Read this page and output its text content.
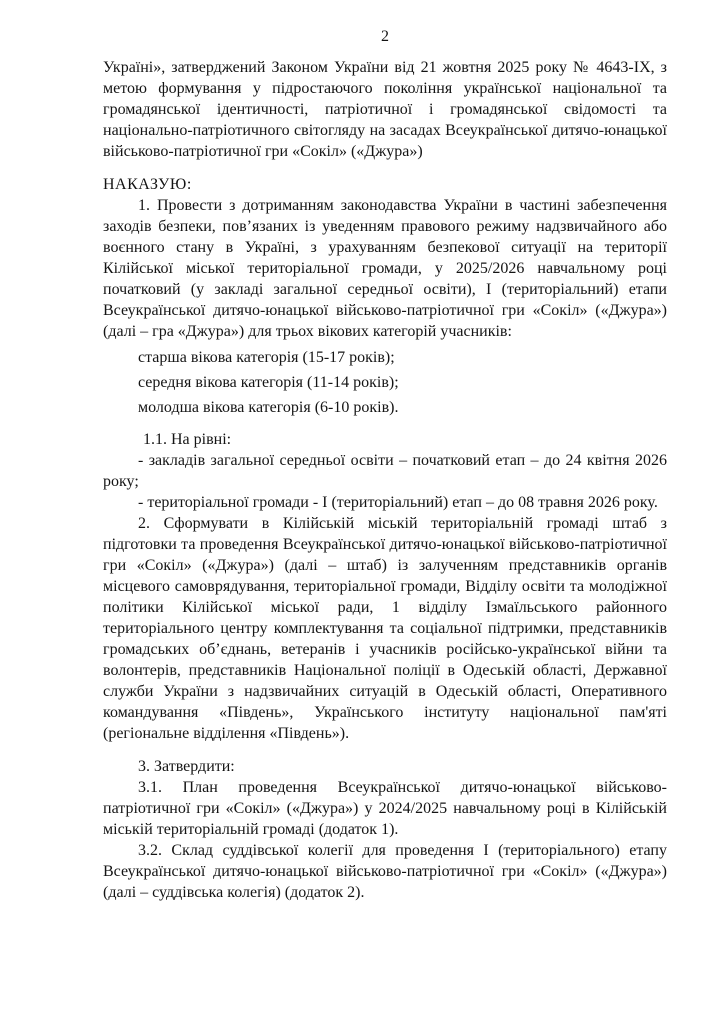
2

Україні», затверджений Законом України від 21 жовтня 2025 року № 4643-ІХ, з метою формування у підростаючого покоління української національної та громадянської ідентичності, патріотичної і громадянської свідомості та національно-патріотичного світогляду на засадах Всеукраїнської дитячо-юнацької військово-патріотичної гри «Сокіл» («Джура»)

НАКАЗУЮ:

1. Провести з дотриманням законодавства України в частині забезпечення заходів безпеки, пов’язаних із уведенням правового режиму надзвичайного або воєнного стану в Україні, з урахуванням безпекової ситуації на території Кілійської міської територіальної громади, у 2025/2026 навчальному році початковий (у закладі загальної середньої освіти), І (територіальний) етапи Всеукраїнської дитячо-юнацької військово-патріотичної гри «Сокіл» («Джура») (далі – гра «Джура») для трьох вікових категорій учасників:

старша вікова категорія (15-17 років);
середня вікова категорія (11-14 років);
молодша вікова категорія (6-10 років).

1.1. На рівні:

- закладів загальної середньої освіти – початковий етап – до 24 квітня 2026 року;

- територіальної громади - І (територіальний) етап – до 08 травня 2026 року.

2. Сформувати в Кілійській міській територіальній громаді штаб з підготовки та проведення Всеукраїнської дитячо-юнацької військово-патріотичної гри «Сокіл» («Джура») (далі – штаб) із залученням представників органів місцевого самоврядування, територіальної громади, Відділу освіти та молодіжної політики Кілійської міської ради, 1 відділу Ізмаїльського районного територіального центру комплектування та соціальної підтримки, представників громадських об’єднань, ветеранів і учасників російсько-української війни та волонтерів, представників Національної поліції в Одеській області, Державної служби України з надзвичайних ситуацій в Одеській області, Оперативного командування «Південь», Українського інституту національної пам'яті (регіональне відділення «Південь»).

3. Затвердити:

3.1. План проведення Всеукраїнської дитячо-юнацької військово-патріотичної гри «Сокіл» («Джура») у 2024/2025 навчальному році в Кілійській міській територіальній громаді (додаток 1).

3.2. Склад суддівської колегії для проведення І (територіального) етапу Всеукраїнської дитячо-юнацької військово-патріотичної гри «Сокіл» («Джура») (далі – суддівська колегія) (додаток 2).
